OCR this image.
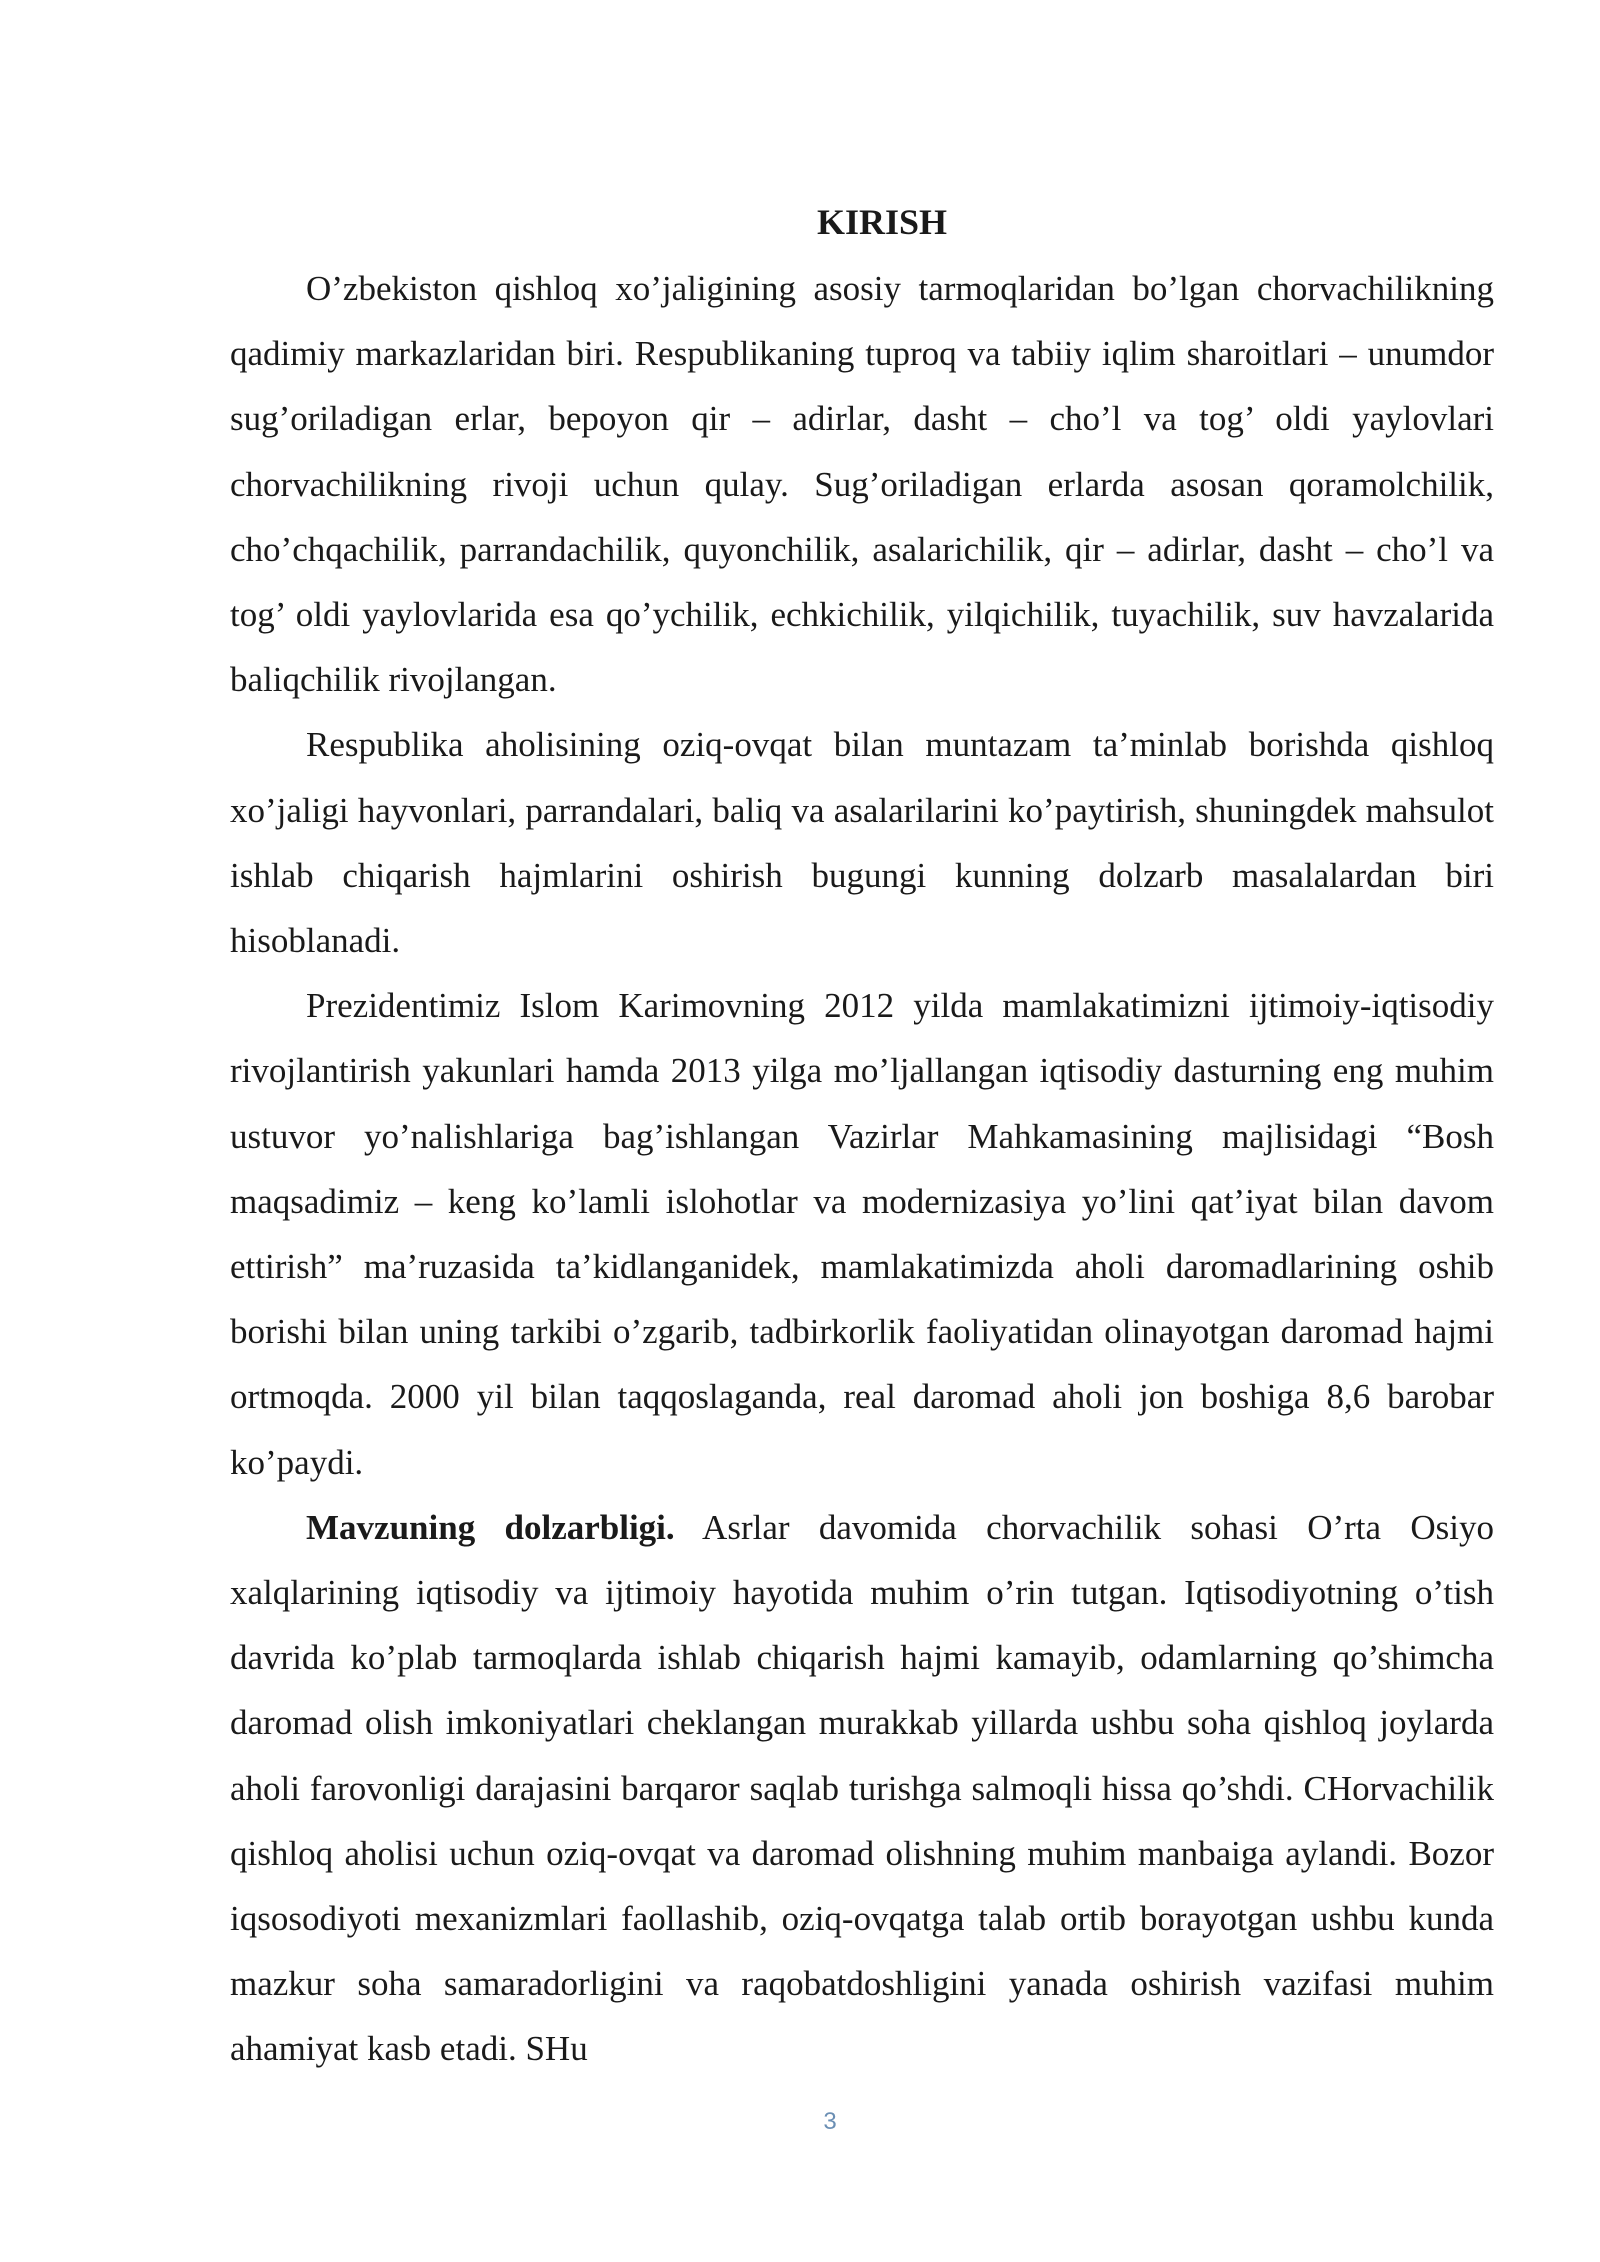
KIRISH

O’zbekiston qishloq xo’jaligining asosiy tarmoqlaridan bo’lgan chorvachilikning qadimiy markazlaridan biri. Respublikaning tuproq va tabiiy iqlim sharoitlari – unumdor sug’oriladigan erlar, bepoyon qir – adirlar, dasht – cho’l va tog’ oldi yaylovlari chorvachilikning rivoji uchun qulay. Sug’oriladigan erlarda asosan qoramolchilik, cho’chqachilik, parrandachilik, quyonchilik, asalarichilik, qir – adirlar, dasht – cho’l va tog’ oldi yaylovlarida esa qo’ychilik, echkichilik, yilqichilik, tuyachilik, suv havzalarida baliqchilik rivojlangan.

Respublika aholisining oziq-ovqat bilan muntazam ta’minlab borishda qishloq xo’jaligi hayvonlari, parrandalari, baliq va asalarilarini ko’paytirish, shuningdek mahsulot ishlab chiqarish hajmlarini oshirish bugungi kunning dolzarb masalalardan biri hisoblanadi.

Prezidentimiz Islom Karimovning 2012 yilda mamlakatimizni ijtimoiy-iqtisodiy rivojlantirish yakunlari hamda 2013 yilga mo’ljallangan iqtisodiy dasturning eng muhim ustuvor yo’nalishlariga bag’ishlangan Vazirlar Mahkamasining majlisidagi “Bosh maqsadimiz – keng ko’lamli islohotlar va modernizasiya yo’lini qat’iyat bilan davom ettirish” ma’ruzasida ta’kidlanganidek, mamlakatimizda aholi daromadlarining oshib borishi bilan uning tarkibi o’zgarib, tadbirkorlik faoliyatidan olinayotgan daromad hajmi ortmoqda. 2000 yil bilan taqqoslaganda, real daromad aholi jon boshiga 8,6 barobar ko’paydi.

Mavzuning dolzarbligi. Asrlar davomida chorvachilik sohasi O’rta Osiyo xalqlarining iqtisodiy va ijtimoiy hayotida muhim o’rin tutgan. Iqtisodiyotning o’tish davrida ko’plab tarmoqlarda ishlab chiqarish hajmi kamayib, odamlarning qo’shimcha daromad olish imkoniyatlari cheklangan murakkab yillarda ushbu soha qishloq joylarda aholi farovonligi darajasini barqaror saqlab turishga salmoqli hissa qo’shdi. CHorvachilik qishloq aholisi uchun oziq-ovqat va daromad olishning muhim manbaiga aylandi. Bozor iqsosodiyoti mexanizmlari faollashib, oziq-ovqatga talab ortib borayotgan ushbu kunda mazkur soha samaradorligini va raqobatdoshligini yanada oshirish vazifasi muhim ahamiyat kasb etadi. SHu

3
